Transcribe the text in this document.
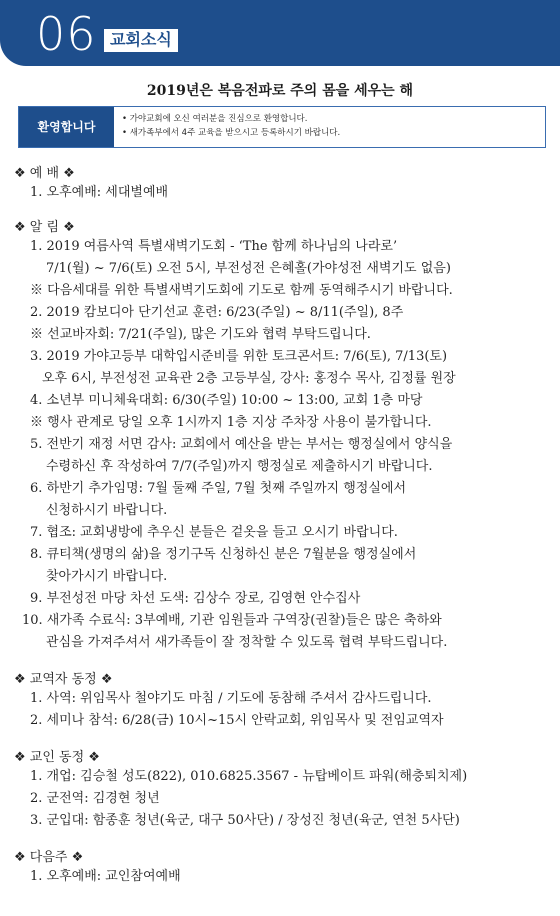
06 교회소식
2019년은 복음전파로 주의 몸을 세우는 해
환영합니다
• 가야교회에 오신 여러분을 진심으로 환영합니다.
• 새가족부에서 4주 교육을 받으시고 등록하시기 바랍니다.
❖ 예 배 ❖
1. 오후예배: 세대별예배
❖ 알 림 ❖
1. 2019 여름사역 특별새벽기도회 - ‘The 함께 하나님의 나라로’
7/1(월) ~ 7/6(토) 오전 5시, 부전성전 은혜홀(가야성전 새벽기도 없음)
※ 다음세대를 위한 특별새벽기도회에 기도로 함께 동역해주시기 바랍니다.
2. 2019 캄보디아 단기선교 훈련: 6/23(주일) ~ 8/11(주일), 8주
※ 선교바자회: 7/21(주일), 많은 기도와 협력 부탁드립니다.
3. 2019 가야고등부 대학입시준비를 위한 토크콘서트: 7/6(토), 7/13(토)
오후 6시, 부전성전 교육관 2층 고등부실, 강사: 홍정수 목사, 김정률 원장
4. 소년부 미니체육대회: 6/30(주일) 10:00 ~ 13:00, 교회 1층 마당
※ 행사 관계로 당일 오후 1시까지 1층 지상 주차장 사용이 불가합니다.
5. 전반기 재정 서면 감사: 교회에서 예산을 받는 부서는 행정실에서 양식을
수령하신 후 작성하여 7/7(주일)까지 행정실로 제출하시기 바랍니다.
6. 하반기 추가임명: 7월 둘째 주일, 7월 첫째 주일까지 행정실에서
신청하시기 바랍니다.
7. 협조: 교회냉방에 추우신 분들은 겉옷을 들고 오시기 바랍니다.
8. 큐티책(생명의 삶)을 정기구독 신청하신 분은 7월분을 행정실에서
찾아가시기 바랍니다.
9. 부전성전 마당 차선 도색: 김상수 장로, 김영현 안수집사
10. 새가족 수료식: 3부예배, 기관 임원들과 구역장(권찰)들은 많은 축하와
관심을 가져주셔서 새가족들이 잘 정착할 수 있도록 협력 부탁드립니다.
❖ 교역자 동정 ❖
1. 사역: 위임목사 철야기도 마침 / 기도에 동참해 주셔서 감사드립니다.
2. 세미나 참석: 6/28(금) 10시~15시 안락교회, 위임목사 및 전임교역자
❖ 교인 동정 ❖
1. 개업: 김승철 성도(822), 010.6825.3567 - 뉴탑베이트 파워(해충퇴치제)
2. 군전역: 김경현 청년
3. 군입대: 함종훈 청년(육군, 대구 50사단) / 장성진 청년(육군, 연천 5사단)
❖ 다음주 ❖
1. 오후예배: 교인참여예배
